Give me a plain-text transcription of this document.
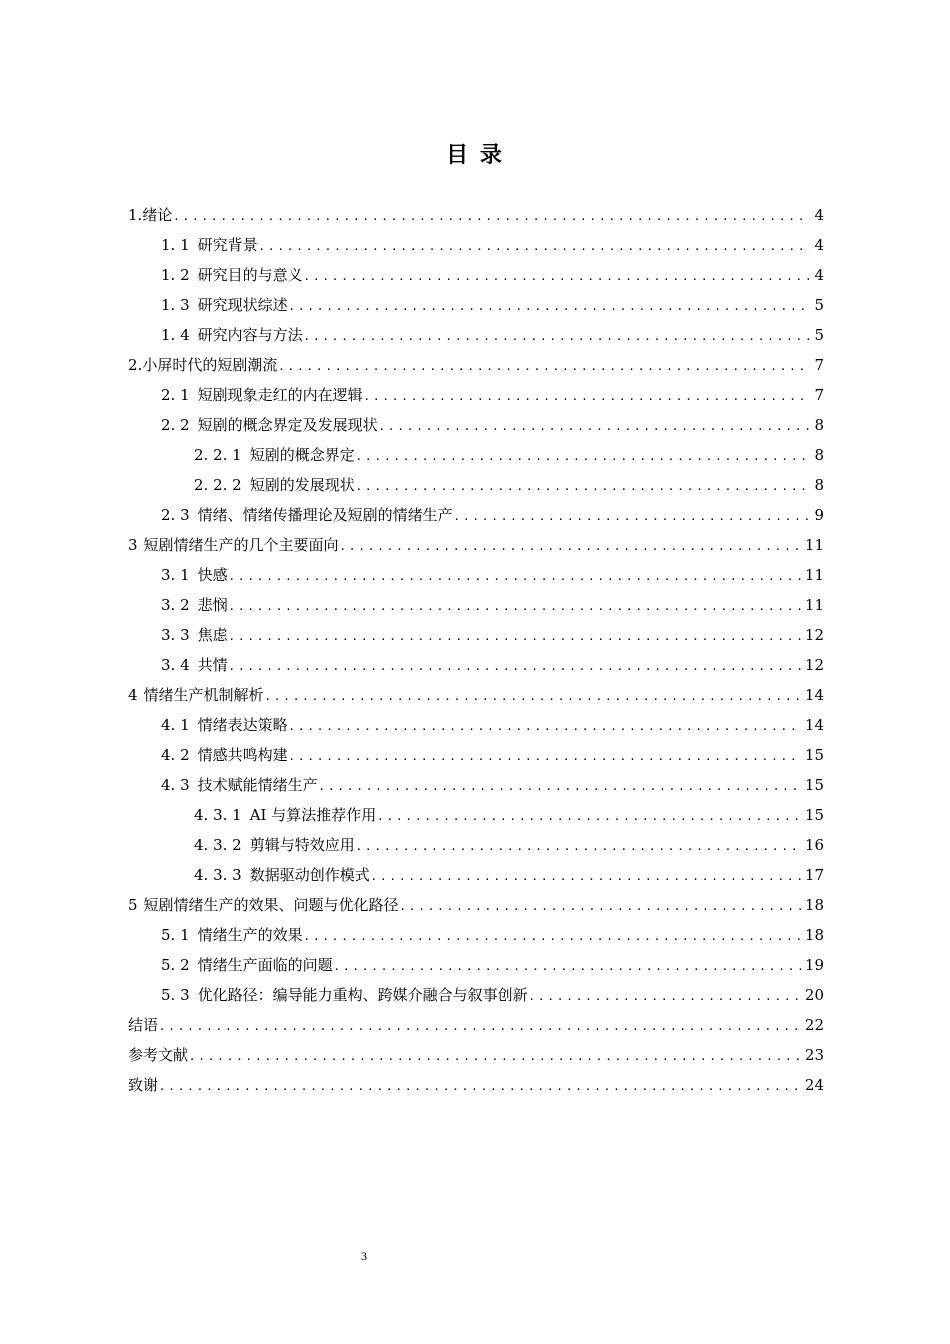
目 录
1. 绪论 . . .	4
1. 1 研究背景 . . .	4
1. 2 研究目的与意义 . . .	4
1. 3 研究现状综述 . . .	5
1. 4 研究内容与方法 . . .	5
2. 小屏时代的短剧潮流 . . .	7
2. 1 短剧现象走红的内在逻辑 . . .	7
2. 2 短剧的概念界定及发展现状 . . .	8
2. 2. 1 短剧的概念界定 . . .	8
2. 2. 2 短剧的发展现状 . . .	8
2. 3 情绪、情绪传播理论及短剧的情绪生产 . . .	9
3 短剧情绪生产的几个主要面向 . . .	11
3. 1 快感 . . .	11
3. 2 悲悯 . . .	11
3. 3 焦虑 . . .	12
3. 4 共情 . . .	12
4 情绪生产机制解析 . . .	14
4. 1 情绪表达策略 . . .	14
4. 2 情感共鸣构建 . . .	15
4. 3 技术赋能情绪生产 . . .	15
4. 3. 1 AI 与算法推荐作用 . . .	15
4. 3. 2 剪辑与特效应用 . . .	16
4. 3. 3 数据驱动创作模式 . . .	17
5 短剧情绪生产的效果、问题与优化路径 . . .	18
5. 1 情绪生产的效果 . . .	18
5. 2 情绪生产面临的问题 . . .	19
5. 3 优化路径：编导能力重构、跨媒介融合与叙事创新 . . .	20
结语 . . .	22
参考文献 . . .	23
致谢 . . .	24
3
